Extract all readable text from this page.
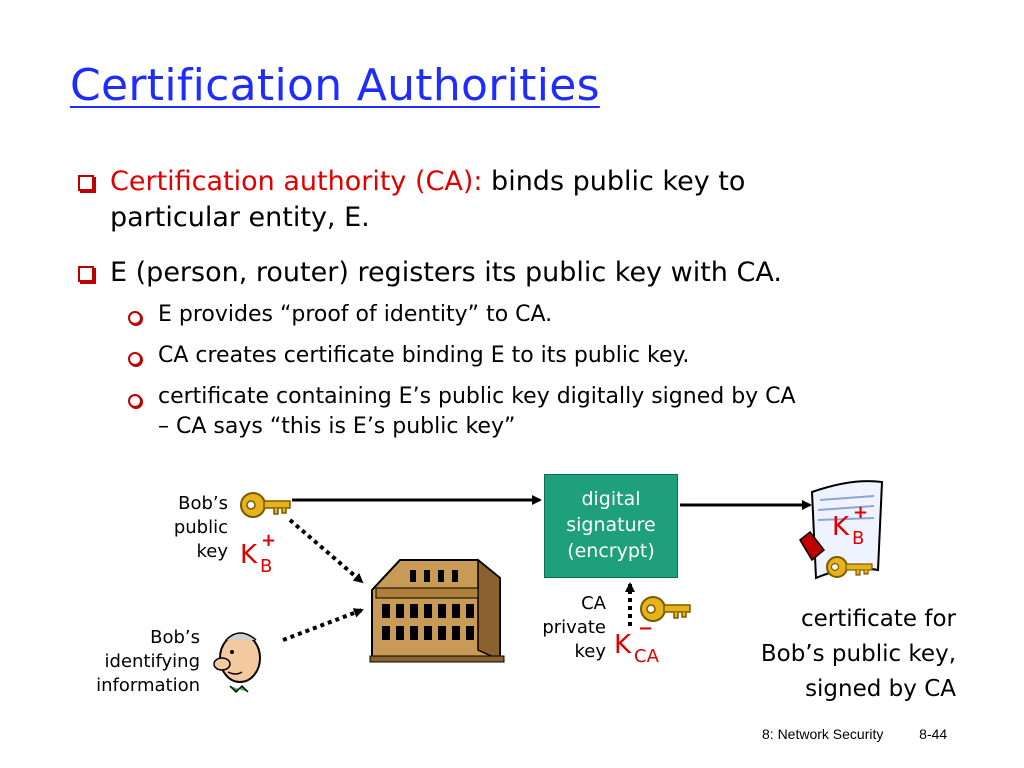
Certification Authorities
Certification authority (CA): binds public key to
particular entity, E.
E (person, router) registers its public key with CA.
E provides “proof of identity” to CA.
CA creates certificate binding E to its public key.
certificate containing E’s public key digitally signed by CA
– CA says “this is E’s public key”
Bob’s
public
key K B
+
Bob’s
identifying
information
digital
signature
(encrypt)
CA
private
key K CA
−
K B
+
certificate for
Bob’s public key,
signed by CA
8: Network Security	8-44
